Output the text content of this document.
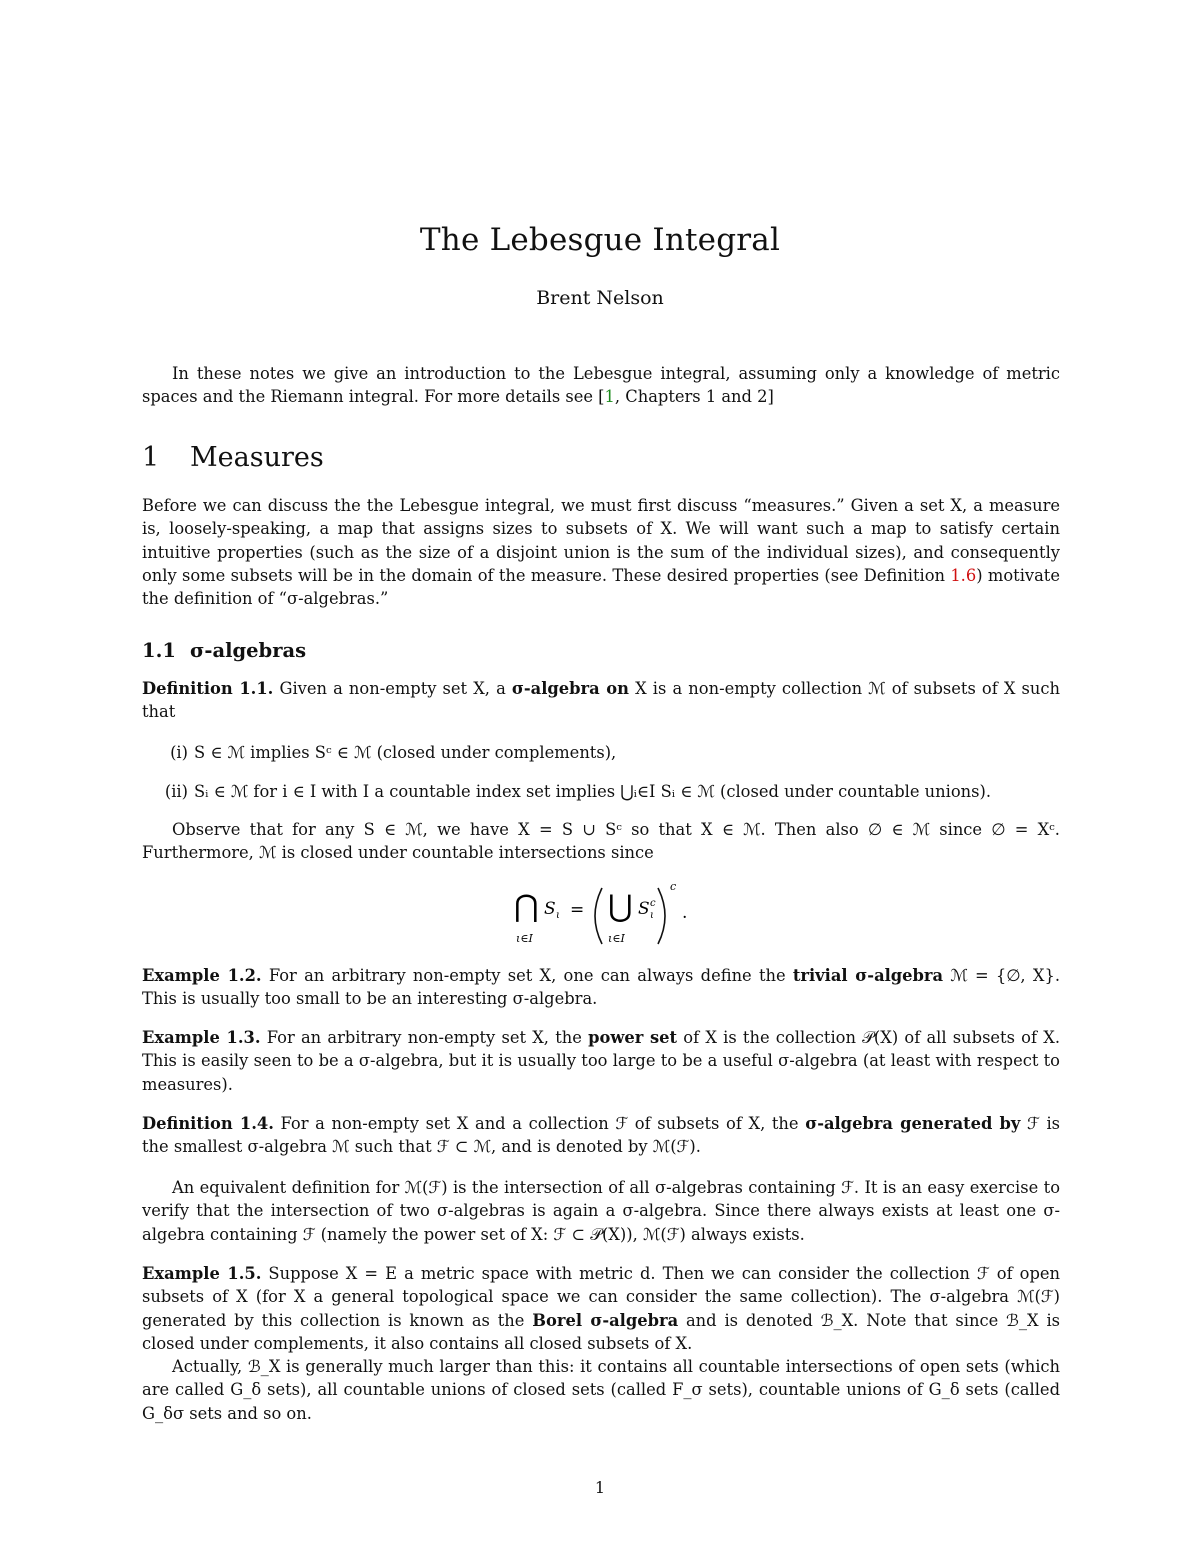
The Lebesgue Integral
Brent Nelson
In these notes we give an introduction to the Lebesgue integral, assuming only a knowledge of metric spaces and the Riemann integral. For more details see [1, Chapters 1 and 2]
1 Measures
Before we can discuss the the Lebesgue integral, we must first discuss “measures.” Given a set X, a measure is, loosely-speaking, a map that assigns sizes to subsets of X. We will want such a map to satisfy certain intuitive properties (such as the size of a disjoint union is the sum of the individual sizes), and consequently only some subsets will be in the domain of the measure. These desired properties (see Definition 1.6) motivate the definition of “σ-algebras.”
1.1 σ-algebras
Definition 1.1. Given a non-empty set X, a σ-algebra on X is a non-empty collection ℳ of subsets of X such that
(i) S ∈ ℳ implies Sᶜ ∈ ℳ (closed under complements),
(ii) Sᵢ ∈ ℳ for i ∈ I with I a countable index set implies ⋃ᵢ∈I Sᵢ ∈ ℳ (closed under countable unions).
Observe that for any S ∈ ℳ, we have X = S ∪ Sᶜ so that X ∈ ℳ. Then also ∅ ∈ ℳ since ∅ = Xᶜ. Furthermore, ℳ is closed under countable intersections since
⋂ S ι
ι∈I
= ⋃ S c
ι
ι∈I
c
.
Example 1.2. For an arbitrary non-empty set X, one can always define the trivial σ-algebra ℳ = {∅, X}. This is usually too small to be an interesting σ-algebra.
Example 1.3. For an arbitrary non-empty set X, the power set of X is the collection 𝒫(X) of all subsets of X. This is easily seen to be a σ-algebra, but it is usually too large to be a useful σ-algebra (at least with respect to measures).
Definition 1.4. For a non-empty set X and a collection ℱ of subsets of X, the σ-algebra generated by ℱ is the smallest σ-algebra ℳ such that ℱ ⊂ ℳ, and is denoted by ℳ(ℱ).
An equivalent definition for ℳ(ℱ) is the intersection of all σ-algebras containing ℱ. It is an easy exercise to verify that the intersection of two σ-algebras is again a σ-algebra. Since there always exists at least one σ-algebra containing ℱ (namely the power set of X: ℱ ⊂ 𝒫(X)), ℳ(ℱ) always exists.
Example 1.5. Suppose X = E a metric space with metric d. Then we can consider the collection ℱ of open subsets of X (for X a general topological space we can consider the same collection). The σ-algebra ℳ(ℱ) generated by this collection is known as the Borel σ-algebra and is denoted ℬ_X. Note that since ℬ_X is closed under complements, it also contains all closed subsets of X.
Actually, ℬ_X is generally much larger than this: it contains all countable intersections of open sets (which are called G_δ sets), all countable unions of closed sets (called F_σ sets), countable unions of G_δ sets (called G_δσ sets and so on.
1
